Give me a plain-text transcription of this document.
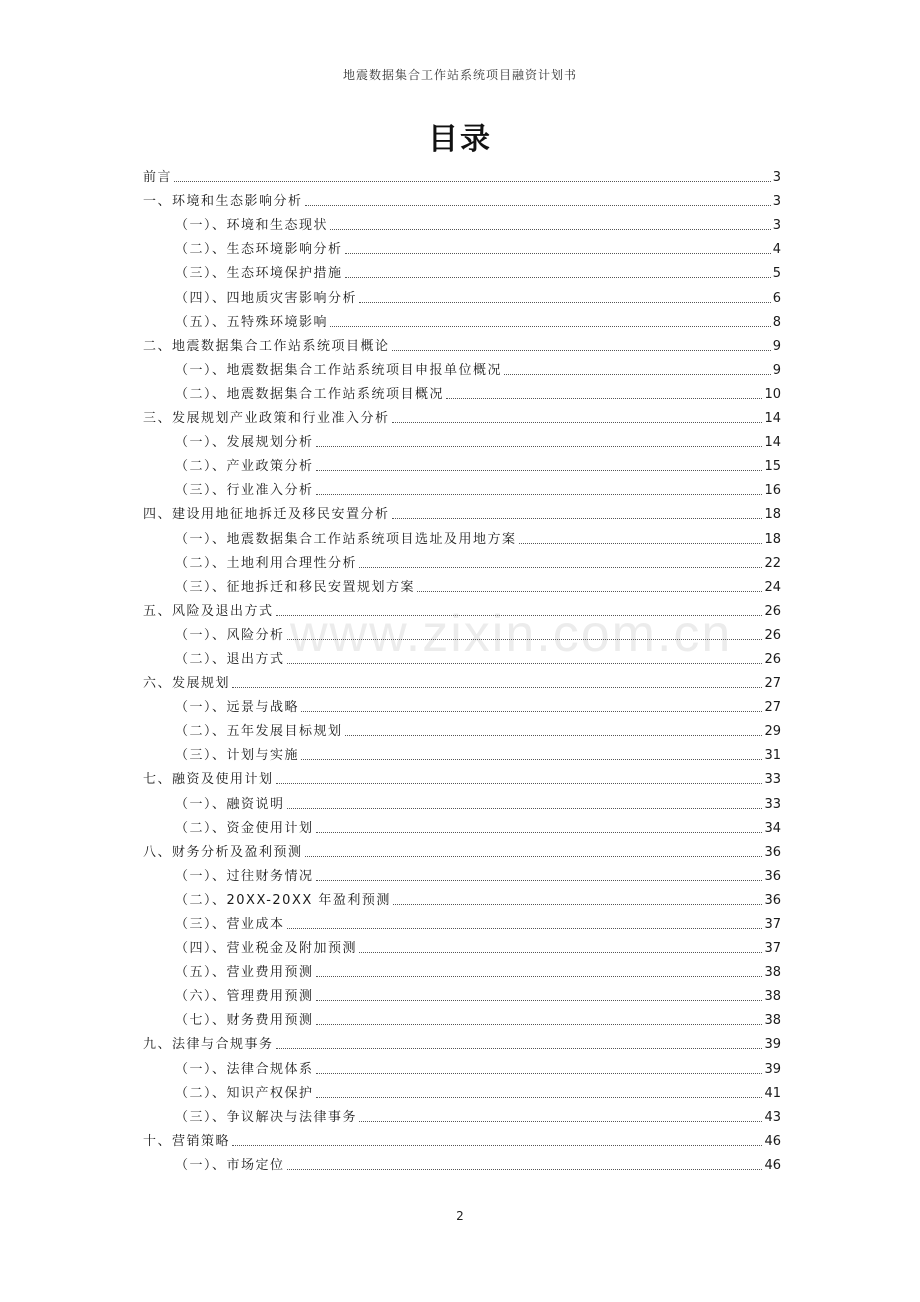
地震数据集合工作站系统项目融资计划书
目录
www.zixin.com.cn
前言	3
一、环境和生态影响分析	3
（一）、环境和生态现状	3
（二）、生态环境影响分析	4
（三）、生态环境保护措施	5
（四）、四地质灾害影响分析	6
（五）、五特殊环境影响	8
二、地震数据集合工作站系统项目概论	9
（一）、地震数据集合工作站系统项目申报单位概况	9
（二）、地震数据集合工作站系统项目概况	10
三、发展规划产业政策和行业准入分析	14
（一）、发展规划分析	14
（二）、产业政策分析	15
（三）、行业准入分析	16
四、建设用地征地拆迁及移民安置分析	18
（一）、地震数据集合工作站系统项目选址及用地方案	18
（二）、土地利用合理性分析	22
（三）、征地拆迁和移民安置规划方案	24
五、风险及退出方式	26
（一）、风险分析	26
（二）、退出方式	26
六、发展规划	27
（一）、远景与战略	27
（二）、五年发展目标规划	29
（三）、计划与实施	31
七、融资及使用计划	33
（一）、融资说明	33
（二）、资金使用计划	34
八、财务分析及盈利预测	36
（一）、过往财务情况	36
（二）、20XX-20XX 年盈利预测	36
（三）、营业成本	37
（四）、营业税金及附加预测	37
（五）、营业费用预测	38
（六）、管理费用预测	38
（七）、财务费用预测	38
九、法律与合规事务	39
（一）、法律合规体系	39
（二）、知识产权保护	41
（三）、争议解决与法律事务	43
十、营销策略	46
（一）、市场定位	46
2
